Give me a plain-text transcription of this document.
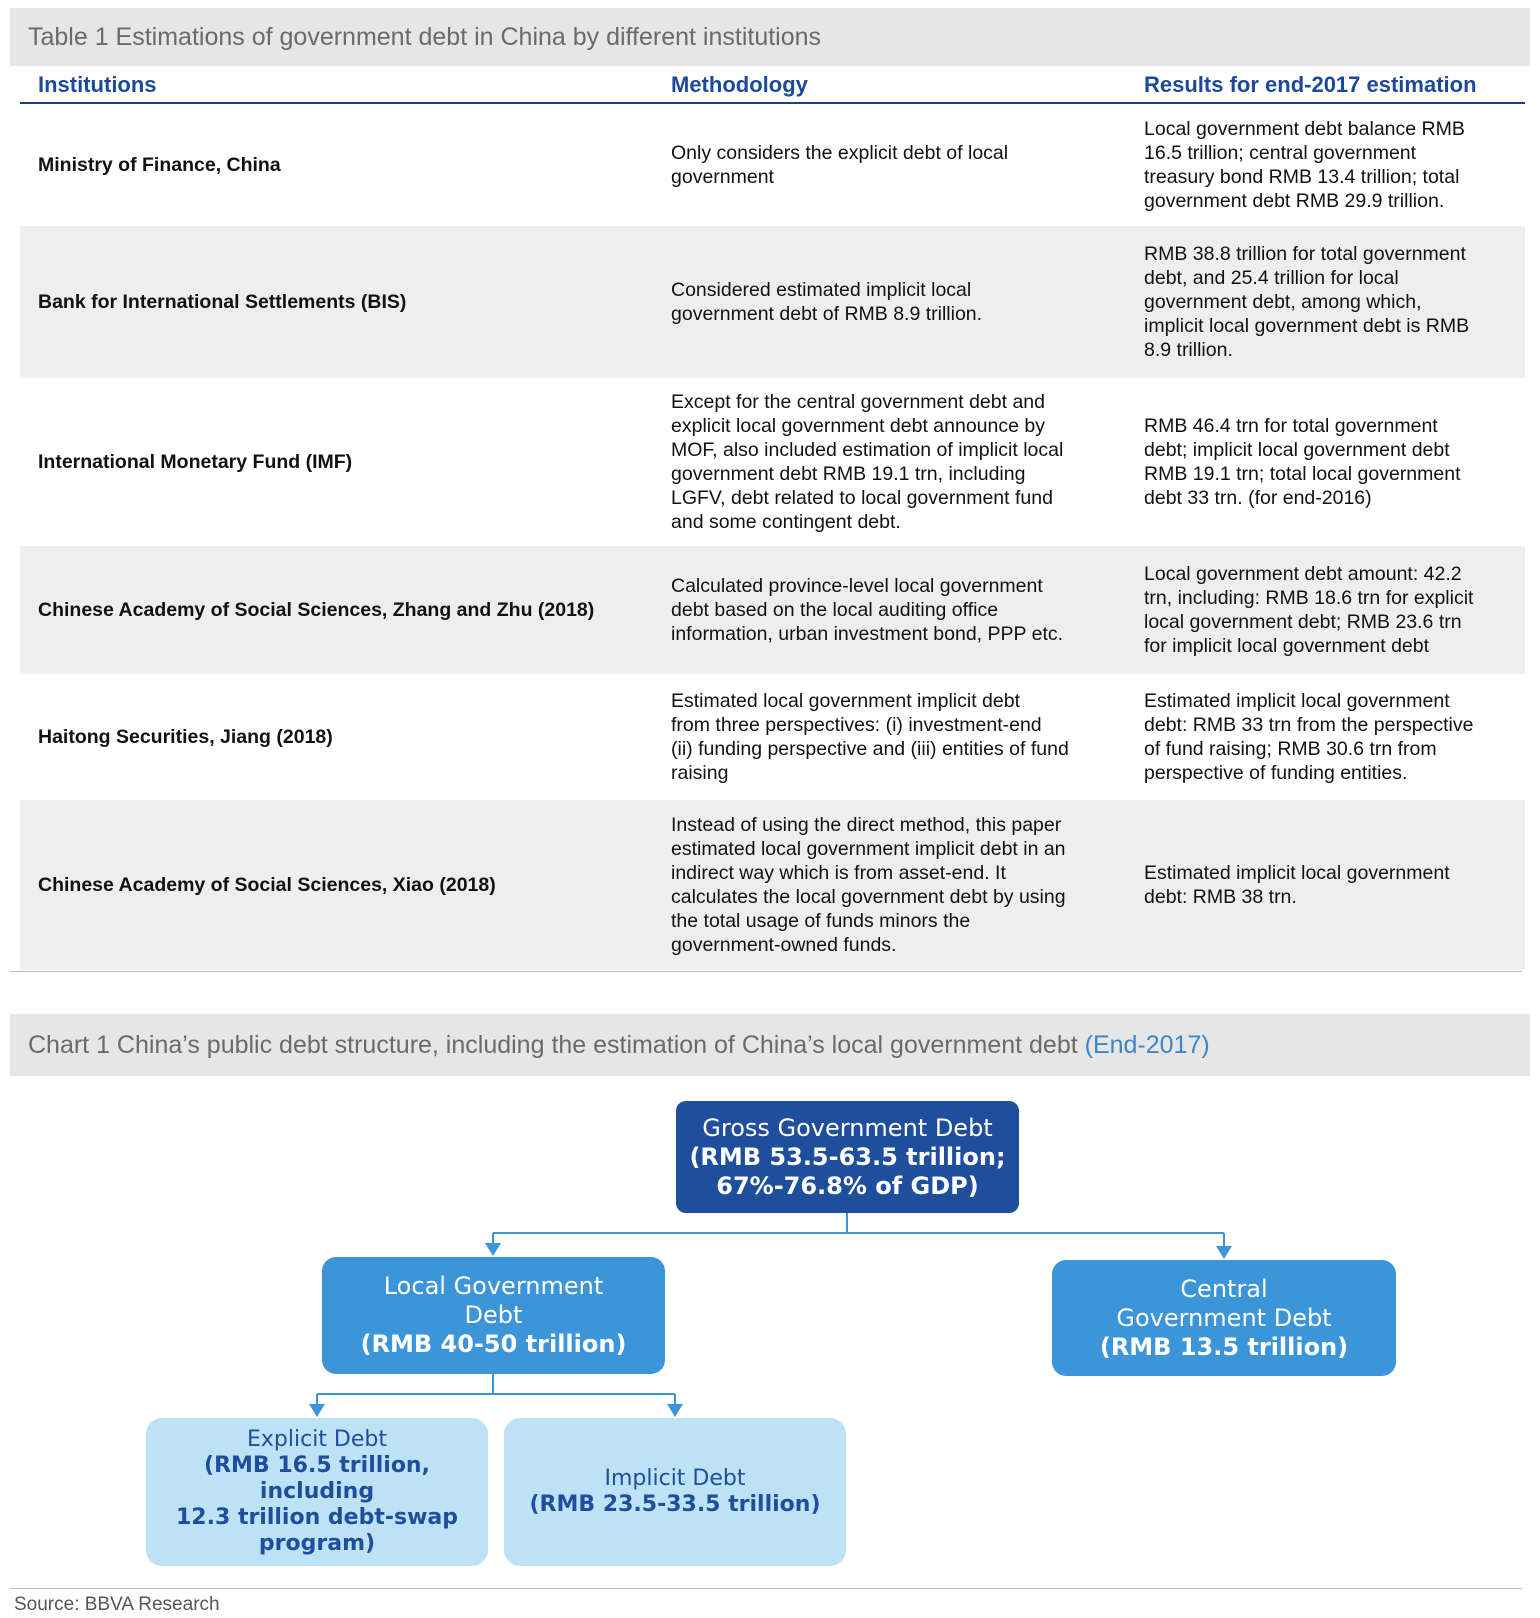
Table 1 Estimations of government debt in China by different institutions
Institutions	Methodology	Results for end-2017 estimation
Ministry of Finance, China
Only considers the explicit debt of local
government
Local government debt balance RMB
16.5 trillion; central government
treasury bond RMB 13.4 trillion; total
government debt RMB 29.9 trillion.
Bank for International Settlements (BIS)
Considered estimated implicit local
government debt of RMB 8.9 trillion.
RMB 38.8 trillion for total government
debt, and 25.4 trillion for local
government debt, among which,
implicit local government debt is RMB
8.9 trillion.
International Monetary Fund (IMF)
Except for the central government debt and
explicit local government debt announce by
MOF, also included estimation of implicit local
government debt RMB 19.1 trn, including
LGFV, debt related to local government fund
and some contingent debt.
RMB 46.4 trn for total government
debt; implicit local government debt
RMB 19.1 trn; total local government
debt 33 trn. (for end-2016)
Chinese Academy of Social Sciences, Zhang and Zhu (2018)
Calculated province-level local government
debt based on the local auditing office
information, urban investment bond, PPP etc.
Local government debt amount: 42.2
trn, including: RMB 18.6 trn for explicit
local government debt; RMB 23.6 trn
for implicit local government debt
Haitong Securities, Jiang (2018)
Estimated local government implicit debt
from three perspectives: (i) investment-end
(ii) funding perspective and (iii) entities of fund
raising
Estimated implicit local government
debt: RMB 33 trn from the perspective
of fund raising; RMB 30.6 trn from
perspective of funding entities.
Chinese Academy of Social Sciences, Xiao (2018)
Instead of using the direct method, this paper
estimated local government implicit debt in an
indirect way which is from asset-end. It
calculates the local government debt by using
the total usage of funds minors the
government-owned funds.
Estimated implicit local government
debt: RMB 38 trn.
Chart 1 China’s public debt structure, including the estimation of China’s local government debt
(End-2017)
Gross Government Debt
(RMB 53.5-63.5 trillion;
67%-76.8% of GDP)
Local Government
Debt
(RMB 40-50 trillion)
Central
Government Debt
(RMB 13.5 trillion)
Explicit Debt
(RMB 16.5 trillion, including
12.3 trillion debt-swap
program)
Implicit Debt
(RMB 23.5-33.5 trillion)
Source: BBVA Research
